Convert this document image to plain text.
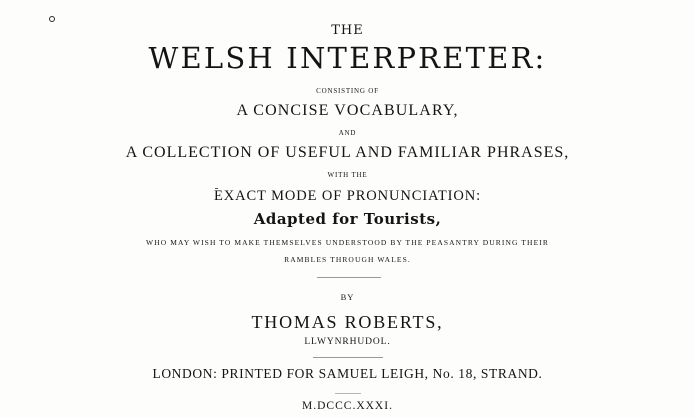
THE
WELSH INTERPRETER:
CONSISTING OF
A CONCISE VOCABULARY,
AND
A COLLECTION OF USEFUL AND FAMILIAR PHRASES,
WITH THE
EXACT MODE OF PRONUNCIATION:
Adapted for Tourists,
WHO MAY WISH TO MAKE THEMSELVES UNDERSTOOD BY THE PEASANTRY DURING THEIR
RAMBLES THROUGH WALES.
BY
THOMAS ROBERTS,
LLWYNRHUDOL.
LONDON: PRINTED FOR SAMUEL LEIGH, No. 18, STRAND.
M.DCCC.XXXI.
